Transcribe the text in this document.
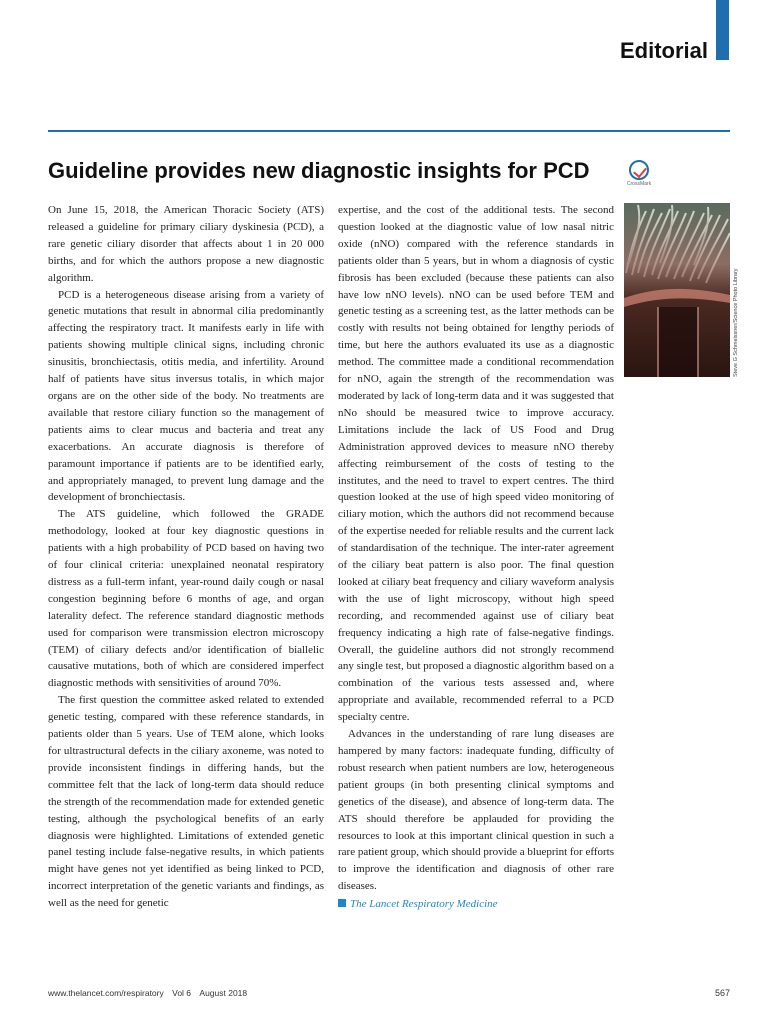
Editorial
Guideline provides new diagnostic insights for PCD
CrossMark

On June 15, 2018, the American Thoracic Society (ATS) released a guideline for primary ciliary dyskinesia (PCD), a rare genetic ciliary disorder that affects about 1 in 20 000 births, and for which the authors propose a new diagnostic algorithm.

PCD is a heterogeneous disease arising from a variety of genetic mutations that result in abnormal cilia predominantly affecting the respiratory tract. It manifests early in life with patients showing multiple clinical signs, including chronic sinusitis, bronchiectasis, otitis media, and infertility. Around half of patients have situs inversus totalis, in which major organs are on the other side of the body. No treatments are available that restore ciliary function so the management of patients aims to clear mucus and bacteria and treat any exacerbations. An accurate diagnosis is therefore of paramount importance if patients are to be identified early, and appropriately managed, to prevent lung damage and the development of bronchiectasis.

The ATS guideline, which followed the GRADE methodology, looked at four key diagnostic questions in patients with a high probability of PCD based on having two of four clinical criteria: unexplained neonatal respiratory distress as a full-term infant, year-round daily cough or nasal congestion beginning before 6 months of age, and organ laterality defect. The reference standard diagnostic methods used for comparison were transmission electron microscopy (TEM) of ciliary defects and/or identification of biallelic causative mutations, both of which are considered imperfect diagnostic methods with sensitivities of around 70%.

The first question the committee asked related to extended genetic testing, compared with these reference standards, in patients older than 5 years. Use of TEM alone, which looks for ultrastructural defects in the ciliary axoneme, was noted to provide inconsistent findings in differing hands, but the committee felt that the lack of long-term data should reduce the strength of the recommendation made for extended genetic testing, although the psychological benefits of an early diagnosis were highlighted. Limitations of extended genetic panel testing include false-negative results, in which patients might have genes not yet identified as being linked to PCD, incorrect interpretation of the genetic variants and findings, as well as the need for genetic

expertise, and the cost of the additional tests. The second question looked at the diagnostic value of low nasal nitric oxide (nNO) compared with the reference standards in patients older than 5 years, but in whom a diagnosis of cystic fibrosis has been excluded (because these patients can also have low nNO levels). nNO can be used before TEM and genetic testing as a screening test, as the latter methods can be costly with results not being obtained for lengthy periods of time, but here the authors evaluated its use as a diagnostic method. The committee made a conditional recommendation for nNO, again the strength of the recommendation was moderated by lack of long-term data and it was suggested that nNo should be measured twice to improve accuracy. Limitations include the lack of US Food and Drug Administration approved devices to measure nNO thereby affecting reimbursement of the costs of testing to the institutes, and the need to travel to expert centres. The third question looked at the use of high speed video monitoring of ciliary motion, which the authors did not recommend because of the expertise needed for reliable results and the current lack of standardisation of the technique. The inter-rater agreement of the ciliary beat pattern is also poor. The final question looked at ciliary beat frequency and ciliary waveform analysis with the use of light microscopy, without high speed recording, and recommended against use of ciliary beat frequency indicating a high rate of false-negative findings. Overall, the guideline authors did not strongly recommend any single test, but proposed a diagnostic algorithm based on a combination of the various tests assessed and, where appropriate and available, recommended referral to a PCD specialty centre.

Advances in the understanding of rare lung diseases are hampered by many factors: inadequate funding, difficulty of robust research when patient numbers are low, heterogeneous patient groups (in both presenting clinical symptoms and genetics of the disease), and absence of long-term data. The ATS should therefore be applauded for providing the resources to look at this important clinical question in such a rare patient group, which should provide a blueprint for efforts to improve the identification and diagnosis of other rare diseases.

The Lancet Respiratory Medicine
Steve G Schmeissner/Science Photo Library
www.thelancet.com/respiratory Vol 6 August 2018	567
